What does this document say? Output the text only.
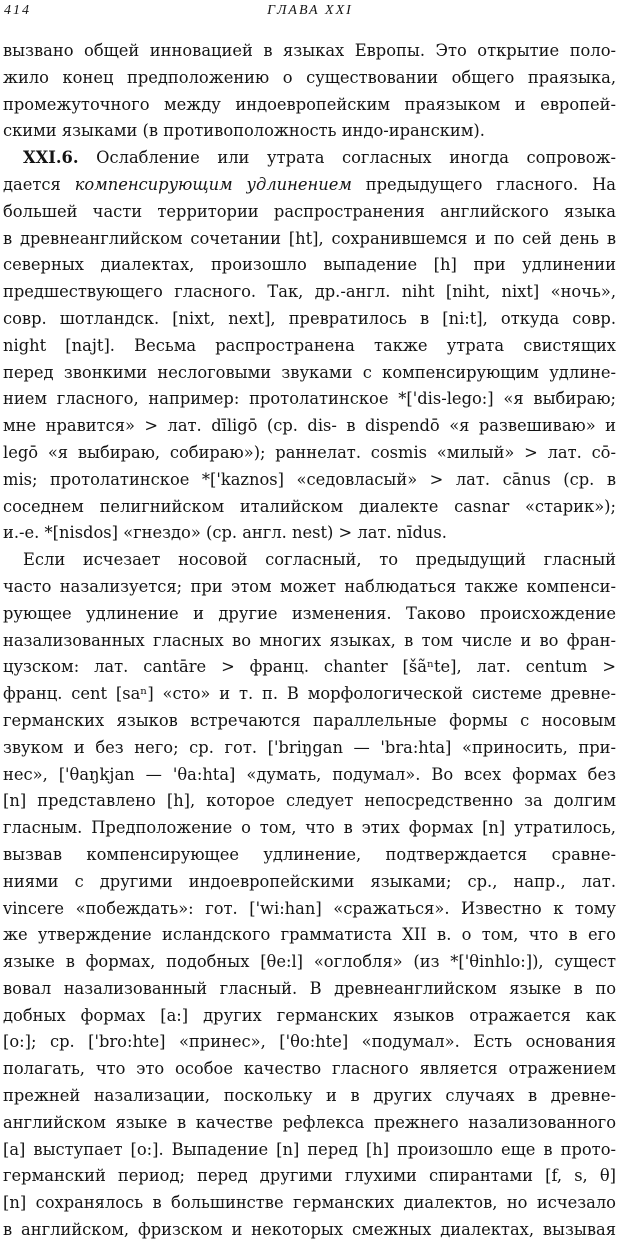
414	ГЛАВА XXI
вызвано общей инновацией в языках Европы. Это открытие поло-
жило конец предположению о существовании общего праязыка,
промежуточного между индоевропейским праязыком и европей-
скими языками (в противоположность индо-иранским).
XXI.6. Ослабление или утрата согласных иногда сопровож-
дается компенсирующим удлинением предыдущего гласного. На
большей части территории распространения английского языка
в древнеанглийском сочетании [ht], сохранившемся и по сей день в
северных диалектах, произошло выпадение [h] при удлинении
предшествующего гласного. Так, др.-англ. niht [niht, nixt] «ночь»,
совр. шотландск. [nixt, next], превратилось в [ni:t], откуда совр.
night [najt]. Весьма распространена также утрата свистящих
перед звонкими неслоговыми звуками с компенсирующим удлине-
нием гласного, например: протолатинское *['dis-lego:] «я выбираю;
мне нравится» > лат. dīligō (ср. dis- в dispendō «я развешиваю» и
legō «я выбираю, собираю»); раннелат. cosmis «милый» > лат. cō-
mis; протолатинское *['kaznos] «седовласый» > лат. cānus (ср. в
соседнем пелигнийском италийском диалекте casnar «старик»);
и.-е. *[nisdos] «гнездо» (ср. англ. nest) > лат. nīdus.
Если исчезает носовой согласный, то предыдущий гласный
часто назализуется; при этом может наблюдаться также компенси-
рующее удлинение и другие изменения. Таково происхождение
назализованных гласных во многих языках, в том числе и во фран-
цузском: лат. cantāre > франц. chanter [šãⁿte], лат. centum >
франц. cent [saⁿ] «сто» и т. п. В морфологической системе древне-
германских языков встречаются параллельные формы с носовым
звуком и без него; ср. гот. ['briŋgan — 'bra:hta] «приносить, при-
нес», ['θaŋkjan — 'θa:hta] «думать, подумал». Во всех формах без
[n] представлено [h], которое следует непосредственно за долгим
гласным. Предположение о том, что в этих формах [n] утратилось,
вызвав компенсирующее удлинение, подтверждается сравне-
ниями с другими индоевропейскими языками; ср., напр., лат.
vincere «побеждать»: гот. ['wi:han] «сражаться». Известно к тому
же утверждение исландского грамматиста XII в. о том, что в его
языке в формах, подобных [θe:l] «оглобля» (из *['θinhlo:]), сущест
вовал назализованный гласный. В древнеанглийском языке в по
добных формах [a:] других германских языков отражается как
[o:]; ср. ['bro:hte] «принес», ['θo:hte] «подумал». Есть основания
полагать, что это особое качество гласного является отражением
прежней назализации, поскольку и в других случаях в древне-
английском языке в качестве рефлекса прежнего назализованного
[a] выступает [o:]. Выпадение [n] перед [h] произошло еще в прото-
германский период; перед другими глухими спирантами [f, s, θ]
[n] сохранялось в большинстве германских диалектов, но исчезало
в английском, фризском и некоторых смежных диалектах, вызывая
